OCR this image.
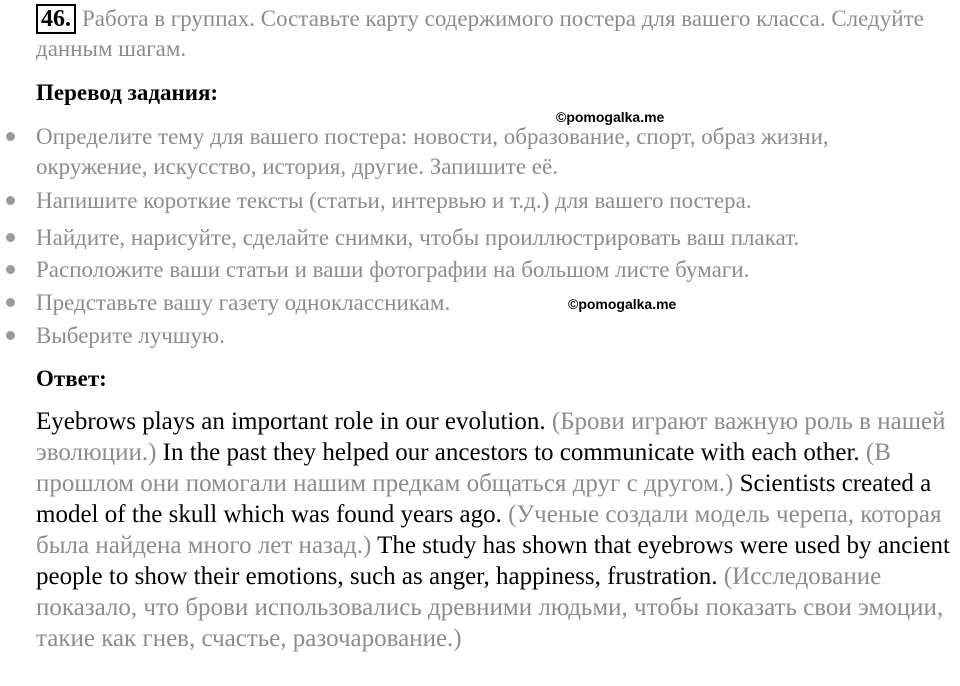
46. Работа в группах. Составьте карту содержимого постера для вашего класса. Следуйте данным шагам.
Перевод задания:
©pomogalka.me
Определите тему для вашего постера: новости, образование, спорт, образ жизни, окружение, искусство, история, другие. Запишите её.
Напишите короткие тексты (статьи, интервью и т.д.) для вашего постера.
Найдите, нарисуйте, сделайте снимки, чтобы проиллюстрировать ваш плакат.
Расположите ваши статьи и ваши фотографии на большом листе бумаги.
Представьте вашу газету одноклассникам.
Выберите лучшую.
©pomogalka.me
Ответ:
Eyebrows plays an important role in our evolution. (Брови играют важную роль в нашей эволюции.) In the past they helped our ancestors to communicate with each other. (В прошлом они помогали нашим предкам общаться друг с другом.) Scientists created a model of the skull which was found years ago. (Ученые создали модель черепа, которая была найдена много лет назад.) The study has shown that eyebrows were used by ancient people to show their emotions, such as anger, happiness, frustration. (Исследование показало, что брови использовались древними людьми, чтобы показать свои эмоции, такие как гнев, счастье, разочарование.)
